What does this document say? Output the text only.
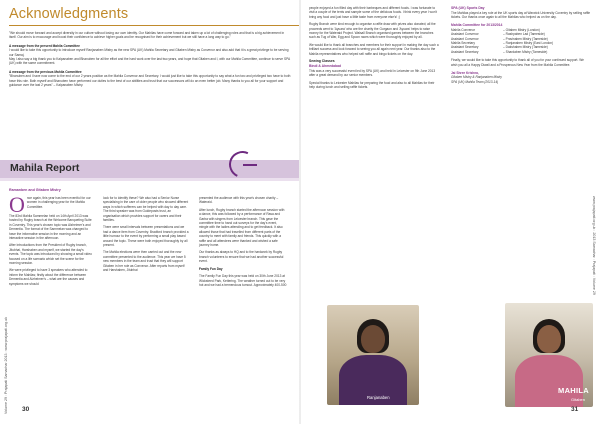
Acknowledgments

"We should move forward and accept diversity in our culture without losing our own identity. Our Mahilas have come forward and taken up a lot of challenging roles and that is a big achievement in itself. Our aim is to encourage and boost their confidence to achieve higher goals and be recognised for their achievement but we still have a long way to go."

A message from the present Mahila Committee

I would like to take this opportunity to introduce myself Ranjanaben Mistry as the new SPA (UK) Mahila Secretary and Gitaben Mistry as Convenor and also add that it is a great privilege to be serving our Samaj.

May I also say a big thank you to Kalpanaben and Bhanuben for all the effort and the hard work over the last two years, and hope that Gitaben and I, with our Mahila Committee, continue to serve SPA (UK) with the same commitment.

A message from the previous Mahila Committee

"Bhanuben and I have now come to the end of our 2 years position as the Mahila Convenor and Secretary. I would just like to take this opportunity to say what a fun two and privileged two have to both have this role. Both myself and Bhanuben have performed our duties to the best of our abilities and trust that our successors will do an even better job. Many thanks to you all for your support and guidance over the last 2 years" – Kalpanaben Mistry.

Mahila Report
Ramanben and Gitaben Mistry
O nce again, this year has been eventful for our women in challenging year for the Mahila Committee.

The 83rd Mahila Sammelan held on 14th April 2013 was hosted by Rugby branch at the Welcome Banqueting Suite in Coventry. This year's chosen topic was Alzheimer's and Dementia. The format of the Sammelan was changed to have the informative session in the morning and an interactive session in the afternoon.

After introductions from the President of Rugby branch, Jitubhai, Harshaben and myself, we started the day's events. The topic was introduced by showing a small video focused on a life scenario which set the scene for the morning session.

We were privileged to have 3 speakers who attended to inform the Mahilas; firstly about the difference between Dementia and Alzheimer's – what are the causes and symptoms we should

look for to identify these? We also had a Senior Nurse specialising in the care of older people who showed different ways in which sufferers can be helped with day to day care. The third speaker was from Guideposts trust, an organisation which provides support for carers and their families.

There were small intervals between presentations and we had a dance item from Coventry. Bradford branch provided a little humour to the event by performing a small play based around the topic. These were both enjoyed thoroughly by all present.

The Mahila elections were then carried out and the new committee presented to the audience. This year we have 5 new members in the team and trust that they will support Gitaben in her role as Convenor. After reports from myself and Harshaben, Jitubhai

presented the audience with this year's chosen charity – Wateraid.

After lunch, Rugby branch started the afternoon session with a dance, this was followed by a performance of Rasa and Garba with singers from Leicester branch. This gave the committee time to hand out surveys for the day's event, mingle with the ladies attending and to get feedback. It also allowed those that had travelled from different parts of the country to meet with family and friends. This quickly with a raffle and all attendees were thanked and wished a safe journey home.

Our thanks as always to HQ and to the hardwork by Rugby branch volunteers to ensure that we had another successful event.

Family Fun Day

The Family Fun Day this year was held on 30th June 2013 at Wicksteed Park, Kettering. The weather turned out to be very hot and we had a tremendous turnout. Approximately 400-500

Volume 29 : Prajapati Samachar 2013 : www.prajapati.org.uk 30

people enjoyed a fun filled day with their barbeques and different foods. I was fortunate to visit a couple of the tents and sample some of the delicious foods. I think every year I won't bring any food and just have a little taste from everyone else's! ;)

Rugby Branch were kind enough to organise a raffle draw with prizes also donated; all the proceeds went to 'Ayuara' who are the charity the Gurgaon and 'Ayuara' helps to raise money for the Wateraid Project. Walsall Branch organised games between the branches such as Tug of War, Egg and Spoon races which were thoroughly enjoyed by all.

We would like to thank all branches and members for their support in making the day such a brilliant success and look forward to seeing you all again next year. Our thanks also to the Mahila representatives who helped sell raffle and bingo tickets on the day.

Sewing Classes
Bindi & Ahmedabad

This was a very successful event led by SPA (UK) and held in Leicester on 9th June 2013 after a great demand by our senior members.

Special thanks to Leicester Mahilas for preparing the food and also to all Mahilas for their help during lunch and selling raffle tickets.

SPA (UK) Sports Day

The Mahilas played a key role at the UK sports day at Warwick University Coventry by selling raffle tickets. Our thanks once again to all the Mahilas who helped us on the day.

Mahila Committee for 2013/2014
Mahila Convenor	– Gitaben Mistry (London)
Assistant Convenor	– Rashpaben Lad (Tameside)
Assistant Convenor	– Pravinaben Mistry (Tameside)
Mahila Secretary	– Ranjanaben Mistry (East London)
Assistant Secretary	– Dakshaben Mistry (Tameside)
Assistant Secretary	– Shardaben Mistry (Tameside)

Finally, we would like to take this opportunity to thank all of you for your continued support. We wish you all a Happy Diwali and a Prosperous New Year from the Mahila Committee.

Jai Shree Krishna,

Gitaben Mistry & Ranjanaben Mistry

SPA (UK) Mahila Team (2013-14)

Ranjanaben
MAHILA
Gitaben
www.prajapati.org.uk : 2013 Samachar : Prajapati : Volume 29
31
